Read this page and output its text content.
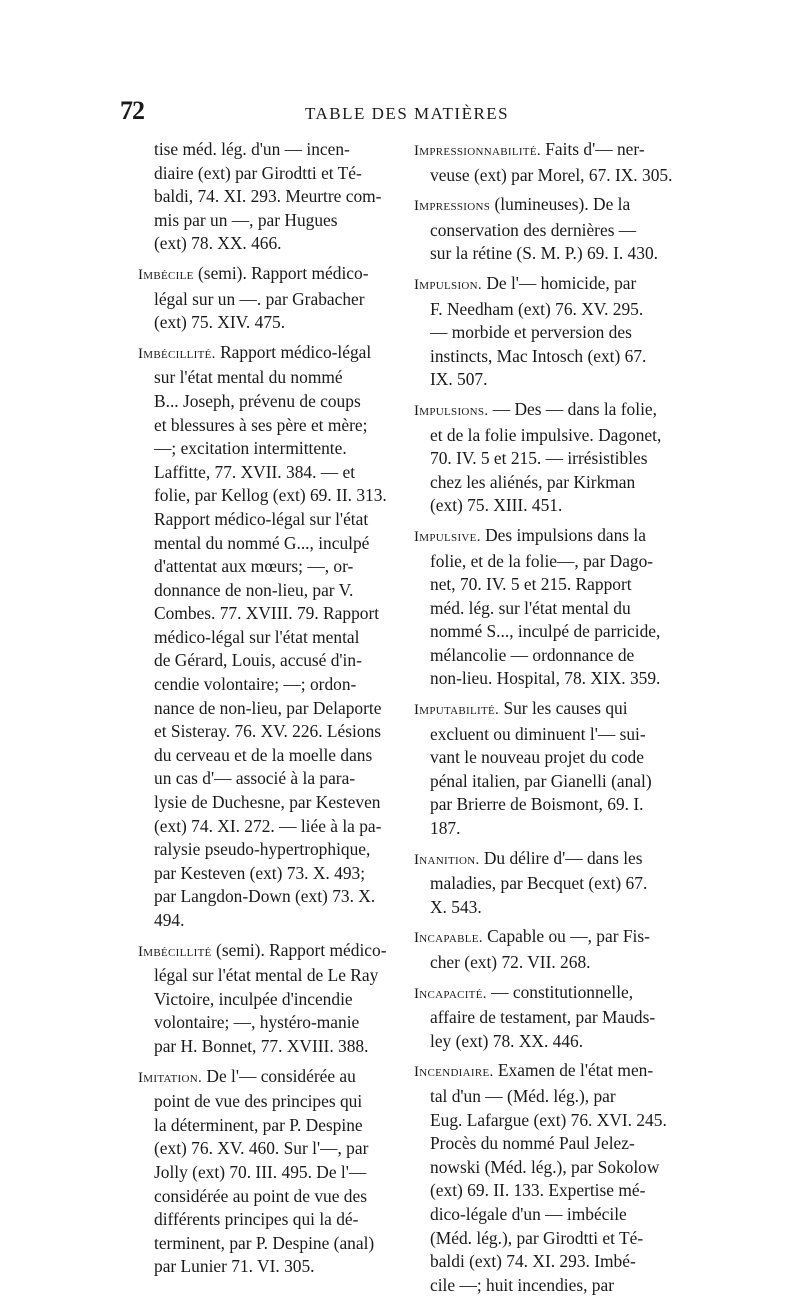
72	TABLE DES MATIÈRES
tise méd. lég. d'un — incen-
diaire (ext) par Girodtti et Té-
baldi, 74. XI. 293. Meurtre com-
mis par un —, par Hugues
(ext) 78. XX. 466.
Imbécile (semi). Rapport médico-
légal sur un —. par Grabacher
(ext) 75. XIV. 475.
Imbécillité. Rapport médico-légal
sur l'état mental du nommé
B... Joseph, prévenu de coups
et blessures à ses père et mère;
—; excitation intermittente.
Laffitte, 77. XVII. 384. — et
folie, par Kellog (ext) 69. II. 313.
Rapport médico-légal sur l'état
mental du nommé G..., inculpé
d'attentat aux mœurs; —, or-
donnance de non-lieu, par V.
Combes. 77. XVIII. 79. Rapport
médico-légal sur l'état mental
de Gérard, Louis, accusé d'in-
cendie volontaire; —; ordon-
nance de non-lieu, par Delaporte
et Sisteray. 76. XV. 226. Lésions
du cerveau et de la moelle dans
un cas d'— associé à la para-
lysie de Duchesne, par Kesteven
(ext) 74. XI. 272. — liée à la pa-
ralysie pseudo-hypertrophique,
par Kesteven (ext) 73. X. 493;
par Langdon-Down (ext) 73. X.
494.
Imbécillité (semi). Rapport médico-
légal sur l'état mental de Le Ray
Victoire, inculpée d'incendie
volontaire; —, hystéro-manie
par H. Bonnet, 77. XVIII. 388.
Imitation. De l'— considérée au
point de vue des principes qui
la déterminent, par P. Despine
(ext) 76. XV. 460. Sur l'—, par
Jolly (ext) 70. III. 495. De l'—
considérée au point de vue des
différents principes qui la dé-
terminent, par P. Despine (anal)
par Lunier 71. VI. 305.
Impressionnabilité. Faits d'— ner-
veuse (ext) par Morel, 67. IX. 305.
Impressions (lumineuses). De la
conservation des dernières —
sur la rétine (S. M. P.) 69. I. 430.
Impulsion. De l'— homicide, par
F. Needham (ext) 76. XV. 295.
— morbide et perversion des
instincts, Mac Intosch (ext) 67.
IX. 507.
Impulsions. — Des — dans la folie,
et de la folie impulsive. Dagonet,
70. IV. 5 et 215. — irrésistibles
chez les aliénés, par Kirkman
(ext) 75. XIII. 451.
Impulsive. Des impulsions dans la
folie, et de la folie—, par Dago-
net, 70. IV. 5 et 215. Rapport
méd. lég. sur l'état mental du
nommé S..., inculpé de parricide,
mélancolie — ordonnance de
non-lieu. Hospital, 78. XIX. 359.
Imputabilité. Sur les causes qui
excluent ou diminuent l'— sui-
vant le nouveau projet du code
pénal italien, par Gianelli (anal)
par Brierre de Boismont, 69. I.
187.
Inanition. Du délire d'— dans les
maladies, par Becquet (ext) 67.
X. 543.
Incapable. Capable ou —, par Fis-
cher (ext) 72. VII. 268.
Incapacité. — constitutionnelle,
affaire de testament, par Mauds-
ley (ext) 78. XX. 446.
Incendiaire. Examen de l'état men-
tal d'un — (Méd. lég.), par
Eug. Lafargue (ext) 76. XVI. 245.
Procès du nommé Paul Jelez-
nowski (Méd. lég.), par Sokolow
(ext) 69. II. 133. Expertise mé-
dico-légale d'un — imbécile
(Méd. lég.), par Girodtti et Té-
baldi (ext) 74. XI. 293. Imbé-
cile —; huit incendies, par
